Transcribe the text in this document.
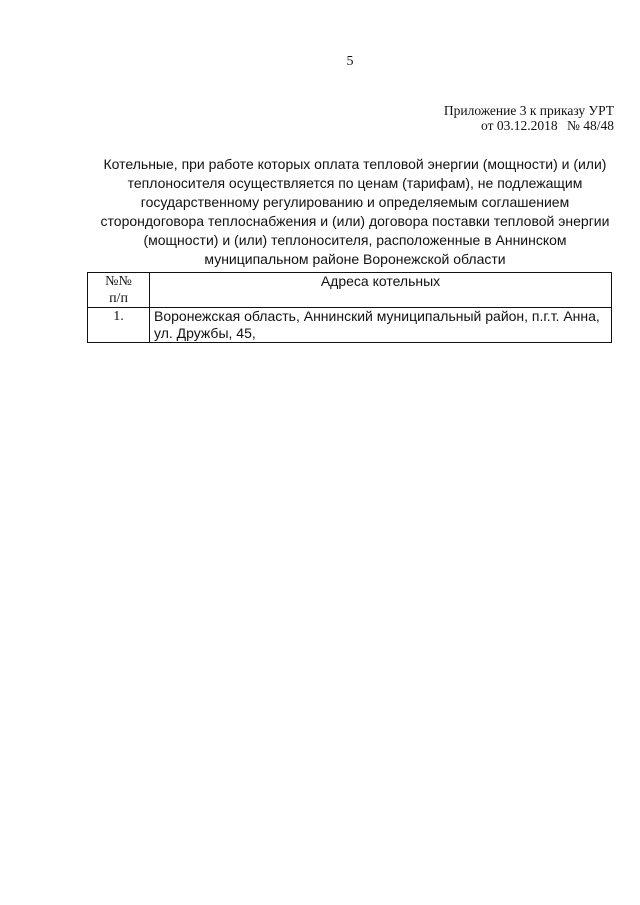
5
Приложение 3 к приказу УРТ
от 03.12.2018 № 48/48
Котельные, при работе которых оплата тепловой энергии (мощности) и (или)
теплоносителя осуществляется по ценам (тарифам), не подлежащим
государственному регулированию и определяемым соглашением
сторондоговора теплоснабжения и (или) договора поставки тепловой энергии
(мощности) и (или) теплоносителя, расположенные в Аннинском
муниципальном районе Воронежской области
№№
п/п	Адреса котельных
1.	Воронежская область, Аннинский муниципальный район, п.г.т. Анна,
ул. Дружбы, 45,
